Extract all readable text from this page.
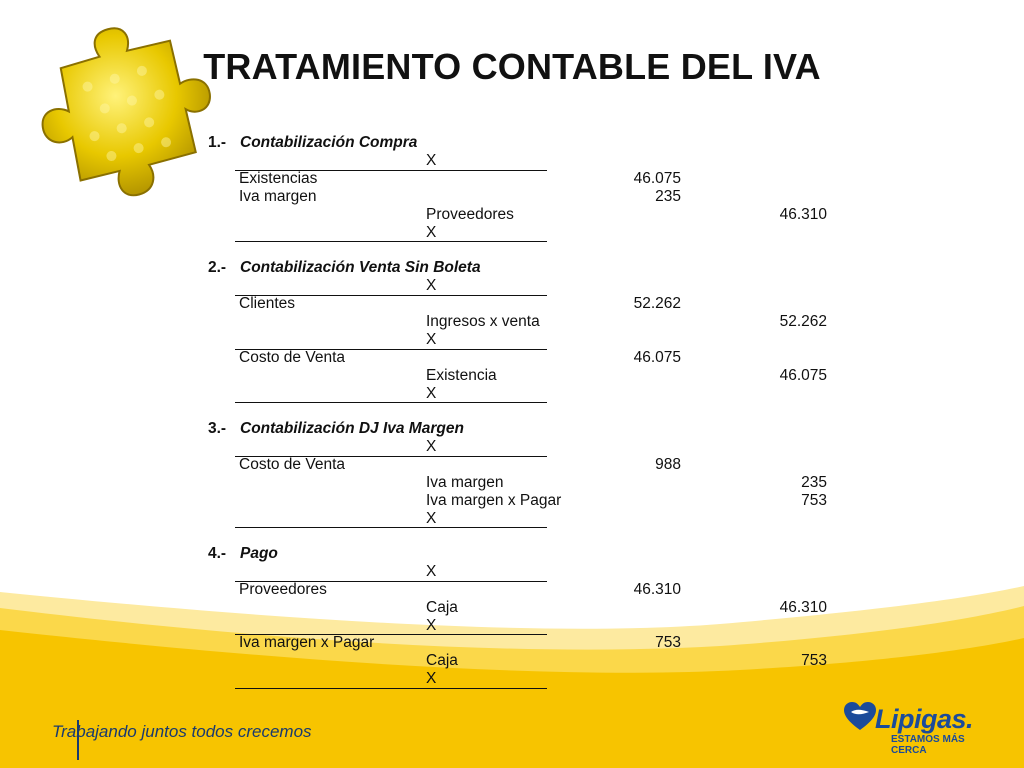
TRATAMIENTO CONTABLE DEL IVA
1.- Contabilización Compra
X
Existencias	46.075
Iva margen	235
Proveedores	46.310
X
2.- Contabilización Venta Sin Boleta
X
Clientes	52.262
Ingresos x venta	52.262
X
Costo de Venta	46.075
Existencia	46.075
X
3.- Contabilización DJ Iva Margen
X
Costo de Venta	988
Iva margen	235
Iva margen x Pagar	753
X
4.- Pago
X
Proveedores	46.310
Caja	46.310
X
Iva margen x Pagar	753
Caja	753
X
Trabajando juntos todos crecemos	Lipigas.
ESTAMOS MÁS CERCA
